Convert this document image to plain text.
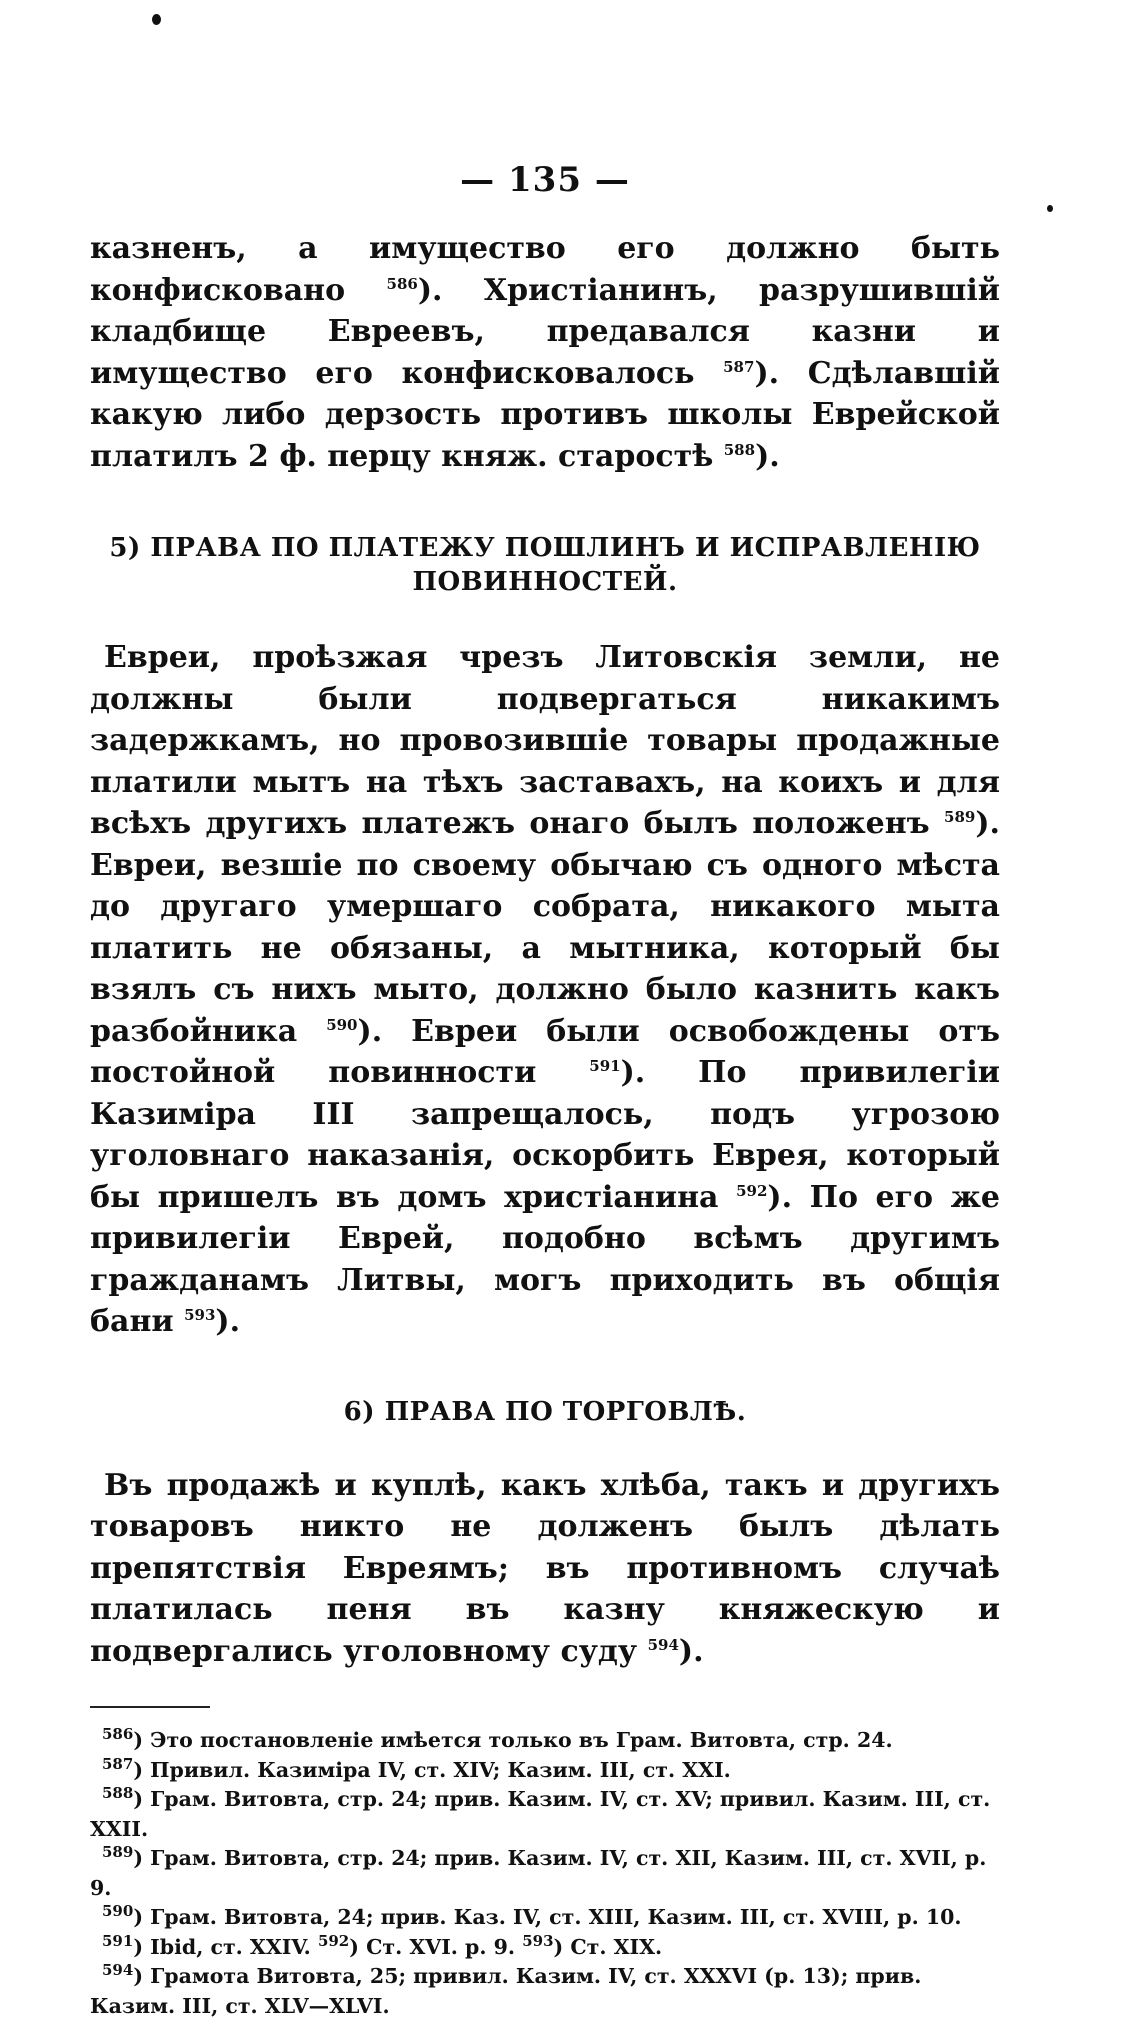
— 135 —

казненъ, а имущество его должно быть конфисковано $^{586}$). Христіанинъ, разрушившій кладбище Евреевъ, предавался казни и имущество его конфисковалось $^{587}$). Сдѣлавшій какую либо дерзость противъ школы Еврейской платилъ 2 ф. перцу княж. старостѣ $^{588}$).

5) ПРАВА ПО ПЛАТЕЖУ ПОШЛИНЪ И ИСПРАВЛЕНІЮ ПОВИННОСТЕЙ.

Евреи, проѣзжая чрезъ Литовскія земли, не должны были подвергаться никакимъ задержкамъ, но провозившіе товары продажные платили мытъ на тѣхъ заставахъ, на коихъ и для всѣхъ другихъ платежъ онаго былъ положенъ $^{589}$). Евреи, везшіе по своему обычаю съ одного мѣста до другаго умершаго собрата, никакого мыта платить не обязаны, а мытника, который бы взялъ съ нихъ мыто, должно было казнить какъ разбойника $^{590}$). Евреи были освобождены отъ постойной повинности $^{591}$). По привилегіи Казиміра III запрещалось, подъ угрозою уголовнаго наказанія, оскорбить Еврея, который бы пришелъ въ домъ христіанина $^{592}$). По его же привилегіи Еврей, подобно всѣмъ другимъ гражданамъ Литвы, могъ приходить въ общія бани $^{593}$).

6) ПРАВА ПО ТОРГОВЛѢ.

Въ продажѣ и куплѣ, какъ хлѣба, такъ и другихъ товаровъ никто не долженъ былъ дѣлать препятствія Евреямъ; въ противномъ случаѣ платилась пеня въ казну княжескую и подвергались уголовному суду $^{594}$).

$^{586}$) Это постановленіе имѣется только въ Грам. Витовта, стр. 24.

$^{587}$) Привил. Казиміра IV, ст. XIV; Казим. III, ст. XXI.

$^{588}$) Грам. Витовта, стр. 24; прив. Казим. IV, ст. XV; привил. Казим. III, ст. XXII.

$^{589}$) Грам. Витовта, стр. 24; прив. Казим. IV, ст. XII, Казим. III, ст. XVII, р. 9.

$^{590}$) Грам. Витовта, 24; прив. Каз. IV, ст. XIII, Казим. III, ст. XVIII, р. 10.

$^{591}$) Ibid, ст. XXIV. $^{592}$) Ст. XVI. р. 9. $^{593}$) Ст. XIX.

$^{594}$) Грамота Витовта, 25; привил. Казим. IV, ст. XXXVI (р. 13); прив. Казим. III, ст. XLV—XLVI.
